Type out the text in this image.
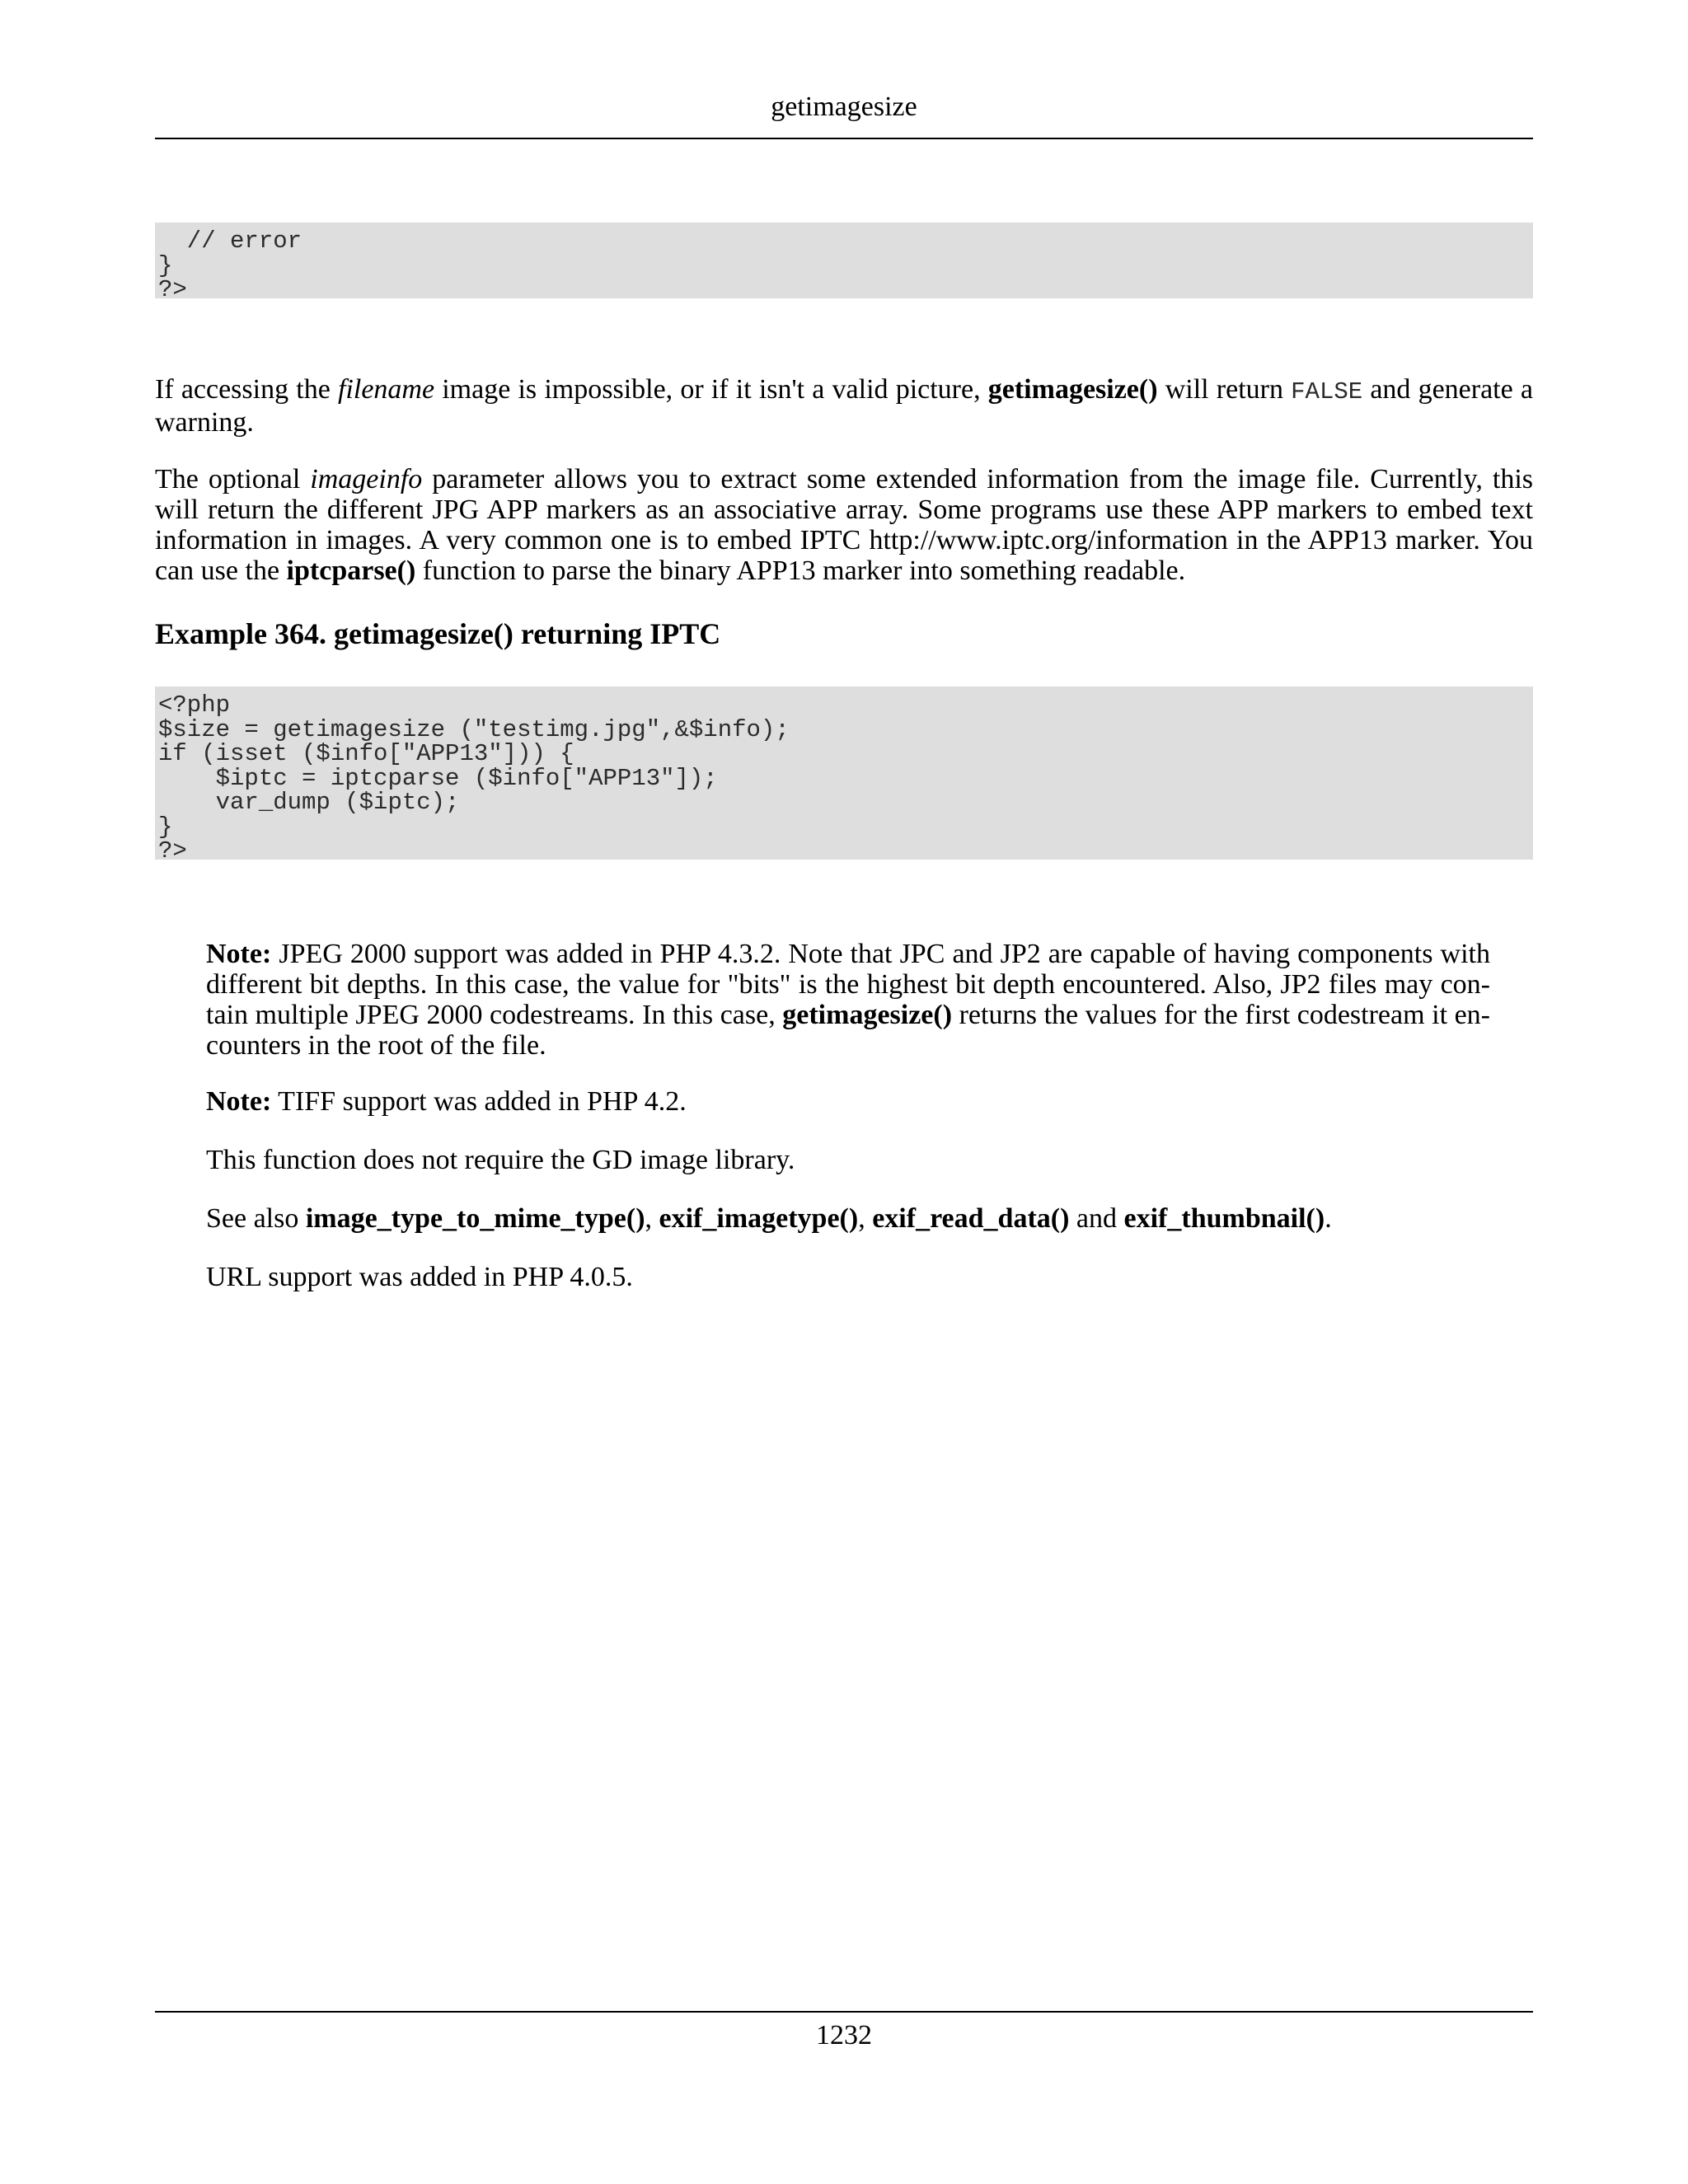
getimagesize
// error
}
?>

If accessing the filename image is impossible, or if it isn't a valid picture, getimagesize() will return FALSE and generate a warning.

The optional imageinfo parameter allows you to extract some extended information from the image file. Currently, this will return the different JPG APP markers as an associative array. Some programs use these APP markers to embed text information in images. A very common one is to embed IPTC http://www.iptc.org/information in the APP13 marker. You can use the iptcparse() function to parse the binary APP13 marker into something readable.

Example 364. getimagesize() returning IPTC
<?php
$size = getimagesize ("testimg.jpg",&$info);
if (isset ($info["APP13"])) {
$iptc = iptcparse ($info["APP13"]);
var_dump ($iptc);
}
?>

Note: JPEG 2000 support was added in PHP 4.3.2. Note that JPC and JP2 are capable of having components with different bit depths. In this case, the value for "bits" is the highest bit depth encountered. Also, JP2 files may contain multiple JPEG 2000 codestreams. In this case, getimagesize() returns the values for the first codestream it encounters in the root of the file.

Note: TIFF support was added in PHP 4.2.

This function does not require the GD image library.

See also image_type_to_mime_type(), exif_imagetype(), exif_read_data() and exif_thumbnail().

URL support was added in PHP 4.0.5.

1232
